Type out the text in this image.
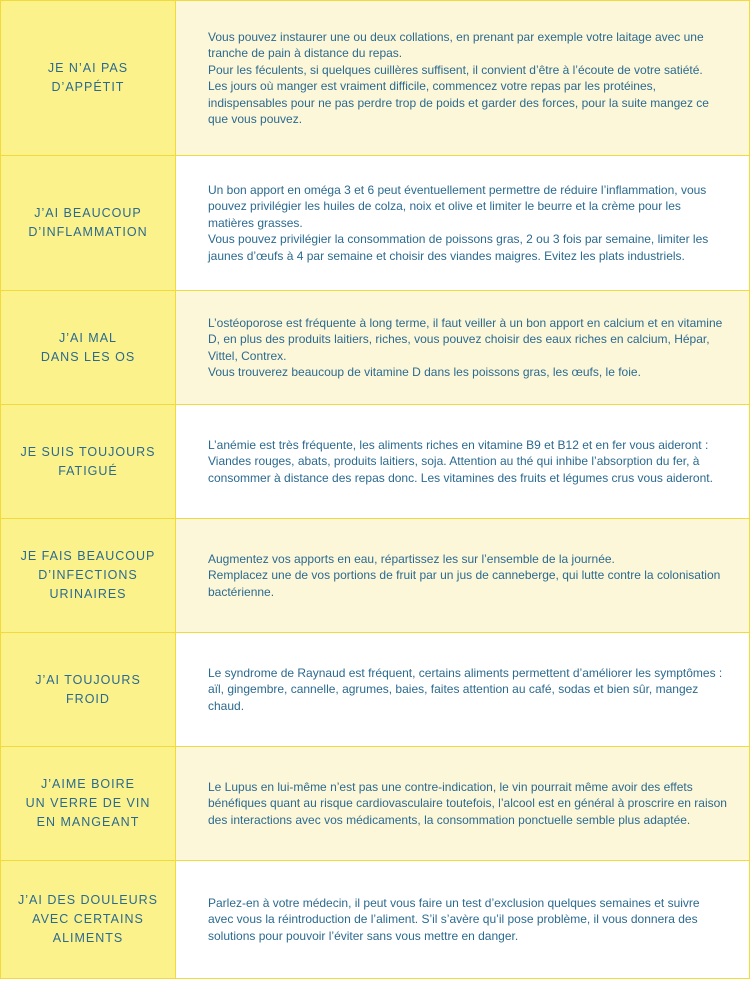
JE N’AI PAS
D’APPÉTIT

Vous pouvez instaurer une ou deux collations, en prenant par exemple votre laitage avec une tranche de pain à distance du repas.
Pour les féculents, si quelques cuillères suffisent, il convient d’être à l’écoute de votre satiété.
Les jours où manger est vraiment difficile, commencez votre repas par les protéines, indispensables pour ne pas perdre trop de poids et garder des forces, pour la suite mangez ce que vous pouvez.

J’AI BEAUCOUP
D’INFLAMMATION

Un bon apport en oméga 3 et 6 peut éventuellement permettre de réduire l’inflammation, vous pouvez privilégier les huiles de colza, noix et olive et limiter le beurre et la crème pour les matières grasses.
Vous pouvez privilégier la consommation de poissons gras, 2 ou 3 fois par semaine, limiter les jaunes d’œufs à 4 par semaine et choisir des viandes maigres. Evitez les plats industriels.

J’AI MAL
DANS LES OS

L’ostéoporose est fréquente à long terme, il faut veiller à un bon apport en calcium et en vitamine D, en plus des produits laitiers, riches, vous pouvez choisir des eaux riches en calcium, Hépar, Vittel, Contrex.
Vous trouverez beaucoup de vitamine D dans les poissons gras, les œufs, le foie.

JE SUIS TOUJOURS
FATIGUÉ

L’anémie est très fréquente, les aliments riches en vitamine B9 et B12 et en fer vous aideront : Viandes rouges, abats, produits laitiers, soja. Attention au thé qui inhibe l’absorption du fer, à consommer à distance des repas donc. Les vitamines des fruits et légumes crus vous aideront.

JE FAIS BEAUCOUP
D’INFECTIONS
URINAIRES

Augmentez vos apports en eau, répartissez les sur l’ensemble de la journée.
Remplacez une de vos portions de fruit par un jus de canneberge, qui lutte contre la colonisation bactérienne.

J’AI TOUJOURS
FROID

Le syndrome de Raynaud est fréquent, certains aliments permettent d’améliorer les symptômes : aïl, gingembre, cannelle, agrumes, baies, faites attention au café, sodas et bien sûr, mangez chaud.

J’AIME BOIRE
UN VERRE DE VIN
EN MANGEANT

Le Lupus en lui-même n’est pas une contre-indication, le vin pourrait même avoir des effets bénéfiques quant au risque cardiovasculaire toutefois, l’alcool est en général à proscrire en raison des interactions avec vos médicaments, la consommation ponctuelle semble plus adaptée.

J’AI DES DOULEURS
AVEC CERTAINS
ALIMENTS

Parlez-en à votre médecin, il peut vous faire un test d’exclusion quelques semaines et suivre avec vous la réintroduction de l’aliment. S’il s’avère qu’il pose problème, il vous donnera des solutions pour pouvoir l’éviter sans vous mettre en danger.
